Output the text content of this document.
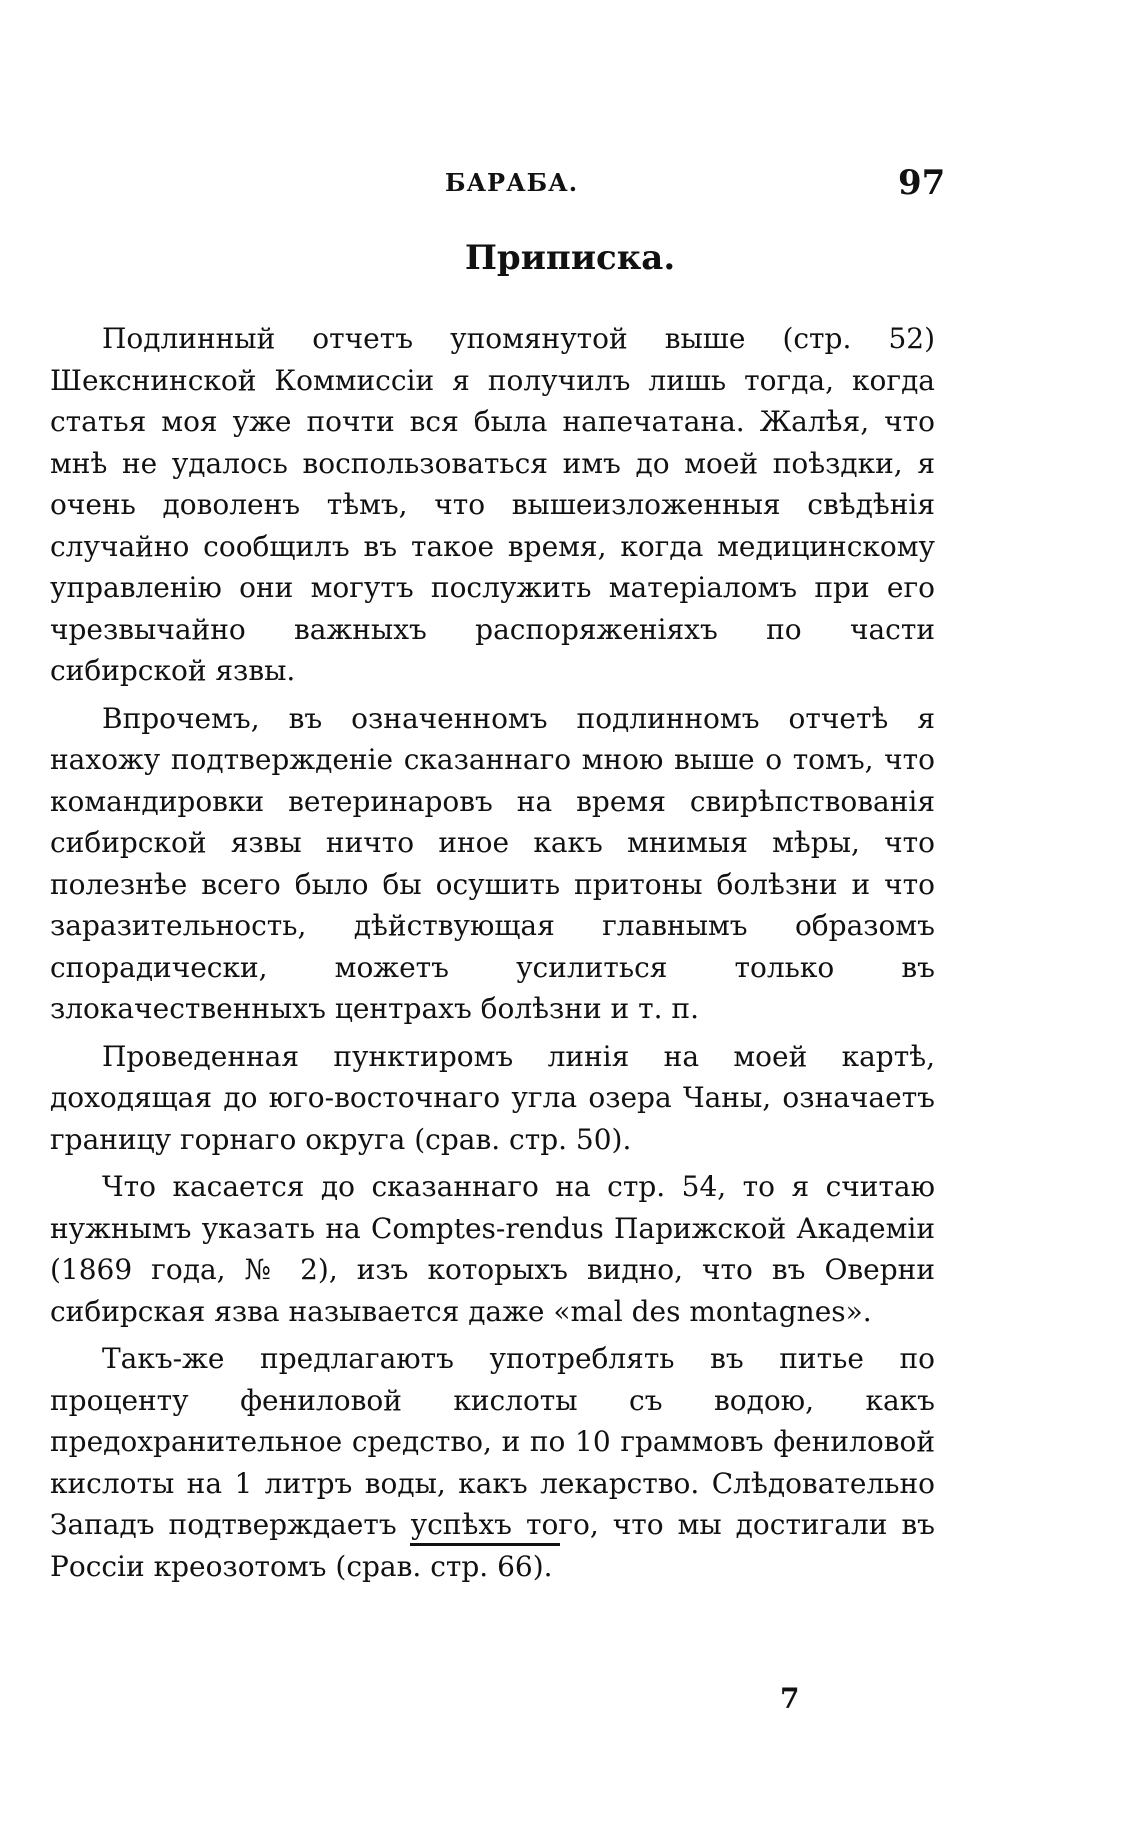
БАРАБА.	97
Приписка.

Подлинный отчетъ упомянутой выше (стр. 52) Шекснинской Коммиссіи я получилъ лишь тогда, когда статья моя уже почти вся была напечатана. Жалѣя, что мнѣ не удалось воспользоваться имъ до моей поѣздки, я очень доволенъ тѣмъ, что вышеизложенныя свѣдѣнія случайно сообщилъ въ такое время, когда медицинскому управленію они могутъ послужить матеріаломъ при его чрезвычайно важныхъ распоряженіяхъ по части сибирской язвы.

Впрочемъ, въ означенномъ подлинномъ отчетѣ я нахожу подтвержденіе сказаннаго мною выше о томъ, что командировки ветеринаровъ на время свирѣпствованія сибирской язвы ничто иное какъ мнимыя мѣры, что полезнѣе всего было бы осушить притоны болѣзни и что заразительность, дѣйствующая главнымъ образомъ спорадически, можетъ усилиться только въ злокачественныхъ центрахъ болѣзни и т. п.

Проведенная пунктиромъ линія на моей картѣ, доходящая до юго-восточнаго угла озера Чаны, означаетъ границу горнаго округа (срав. стр. 50).

Что касается до сказаннаго на стр. 54, то я считаю нужнымъ указать на Comptes-rendus Парижской Академіи (1869 года, № 2), изъ которыхъ видно, что въ Оверни сибирская язва называется даже «mal des montagnes».

Такъ-же предлагаютъ употреблять въ питье по проценту фениловой кислоты съ водою, какъ предохранительное средство, и по 10 граммовъ фениловой кислоты на 1 литръ воды, какъ лекарство. Слѣдовательно Западъ подтверждаетъ успѣхъ того, что мы достигали въ Россіи креозотомъ (срав. стр. 66).

7
